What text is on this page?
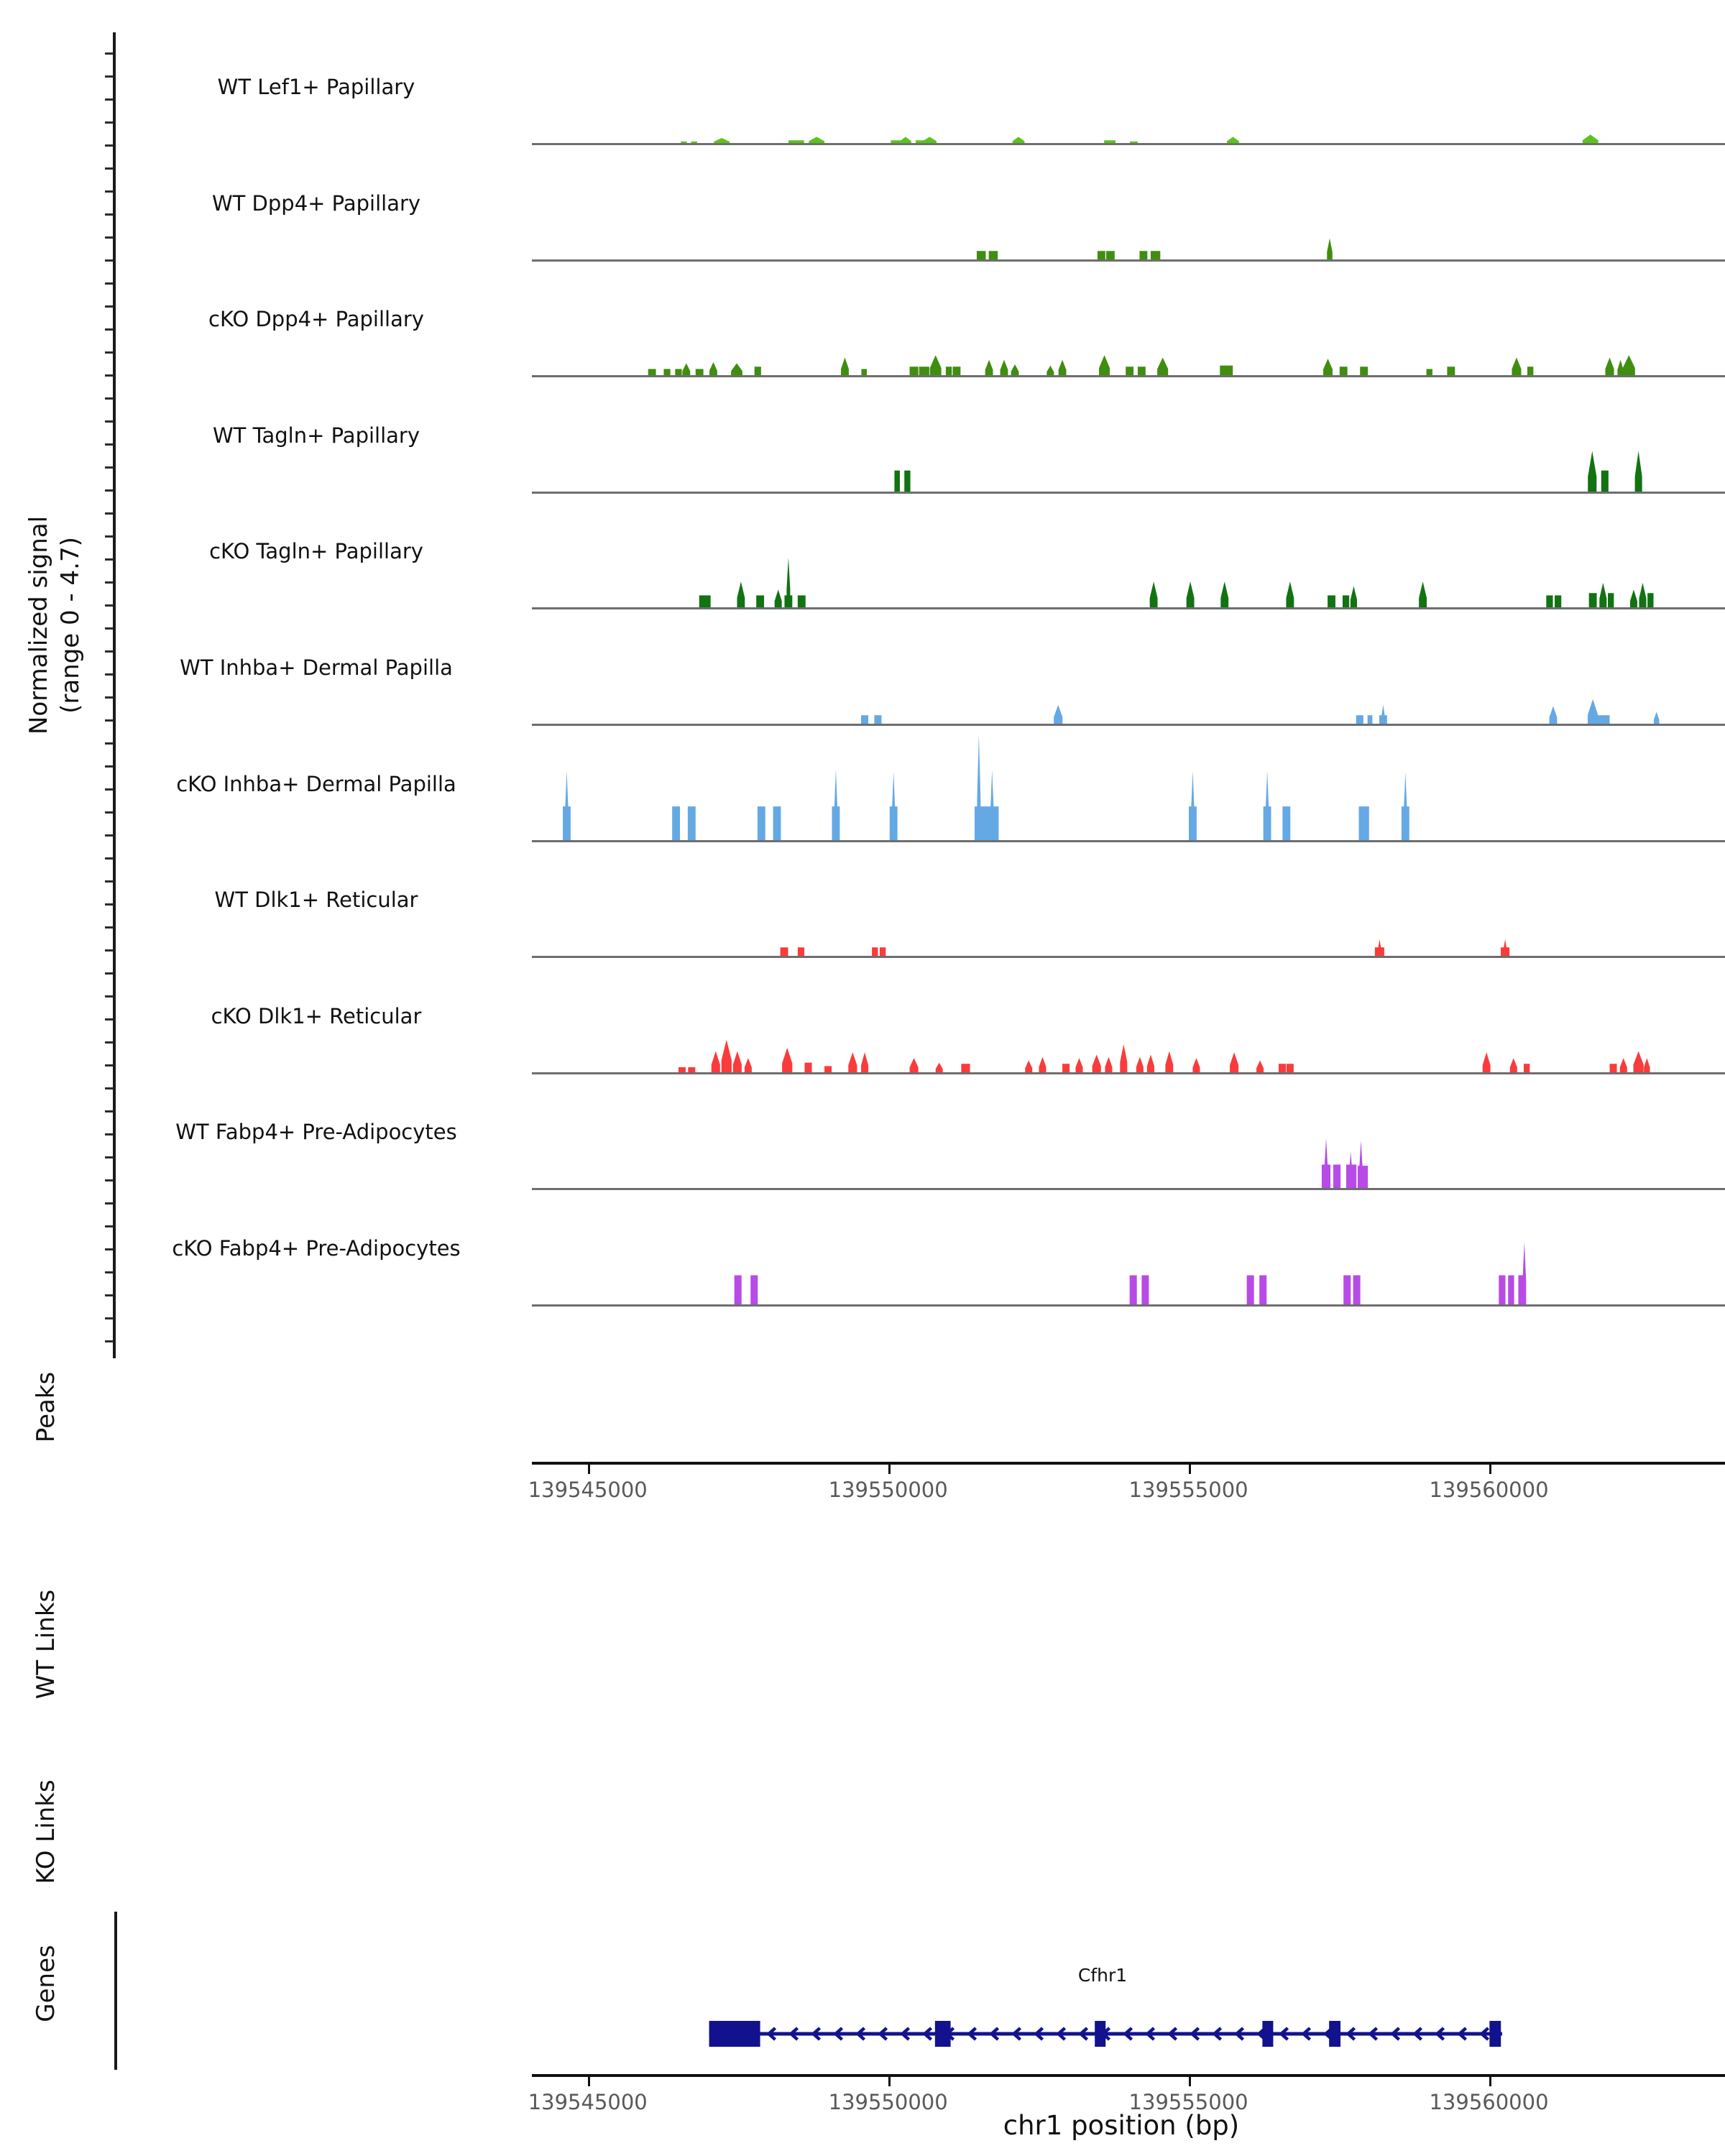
Normalized signal (range 0 - 4.7)
Peaks
WT Links
KO Links
Genes
WT Lef1+ Papillary
WT Dpp4+ Papillary
cKO Dpp4+ Papillary
WT Tagln+ Papillary
cKO Tagln+ Papillary
WT Inhba+ Dermal Papilla
cKO Inhba+ Dermal Papilla
WT Dlk1+ Reticular
cKO Dlk1+ Reticular
WT Fabp4+ Pre-Adipocytes
cKO Fabp4+ Pre-Adipocytes
139545000	139550000	139555000	139560000
Cfhr1
139545000	139550000	139555000	139560000
chr1 position (bp)
